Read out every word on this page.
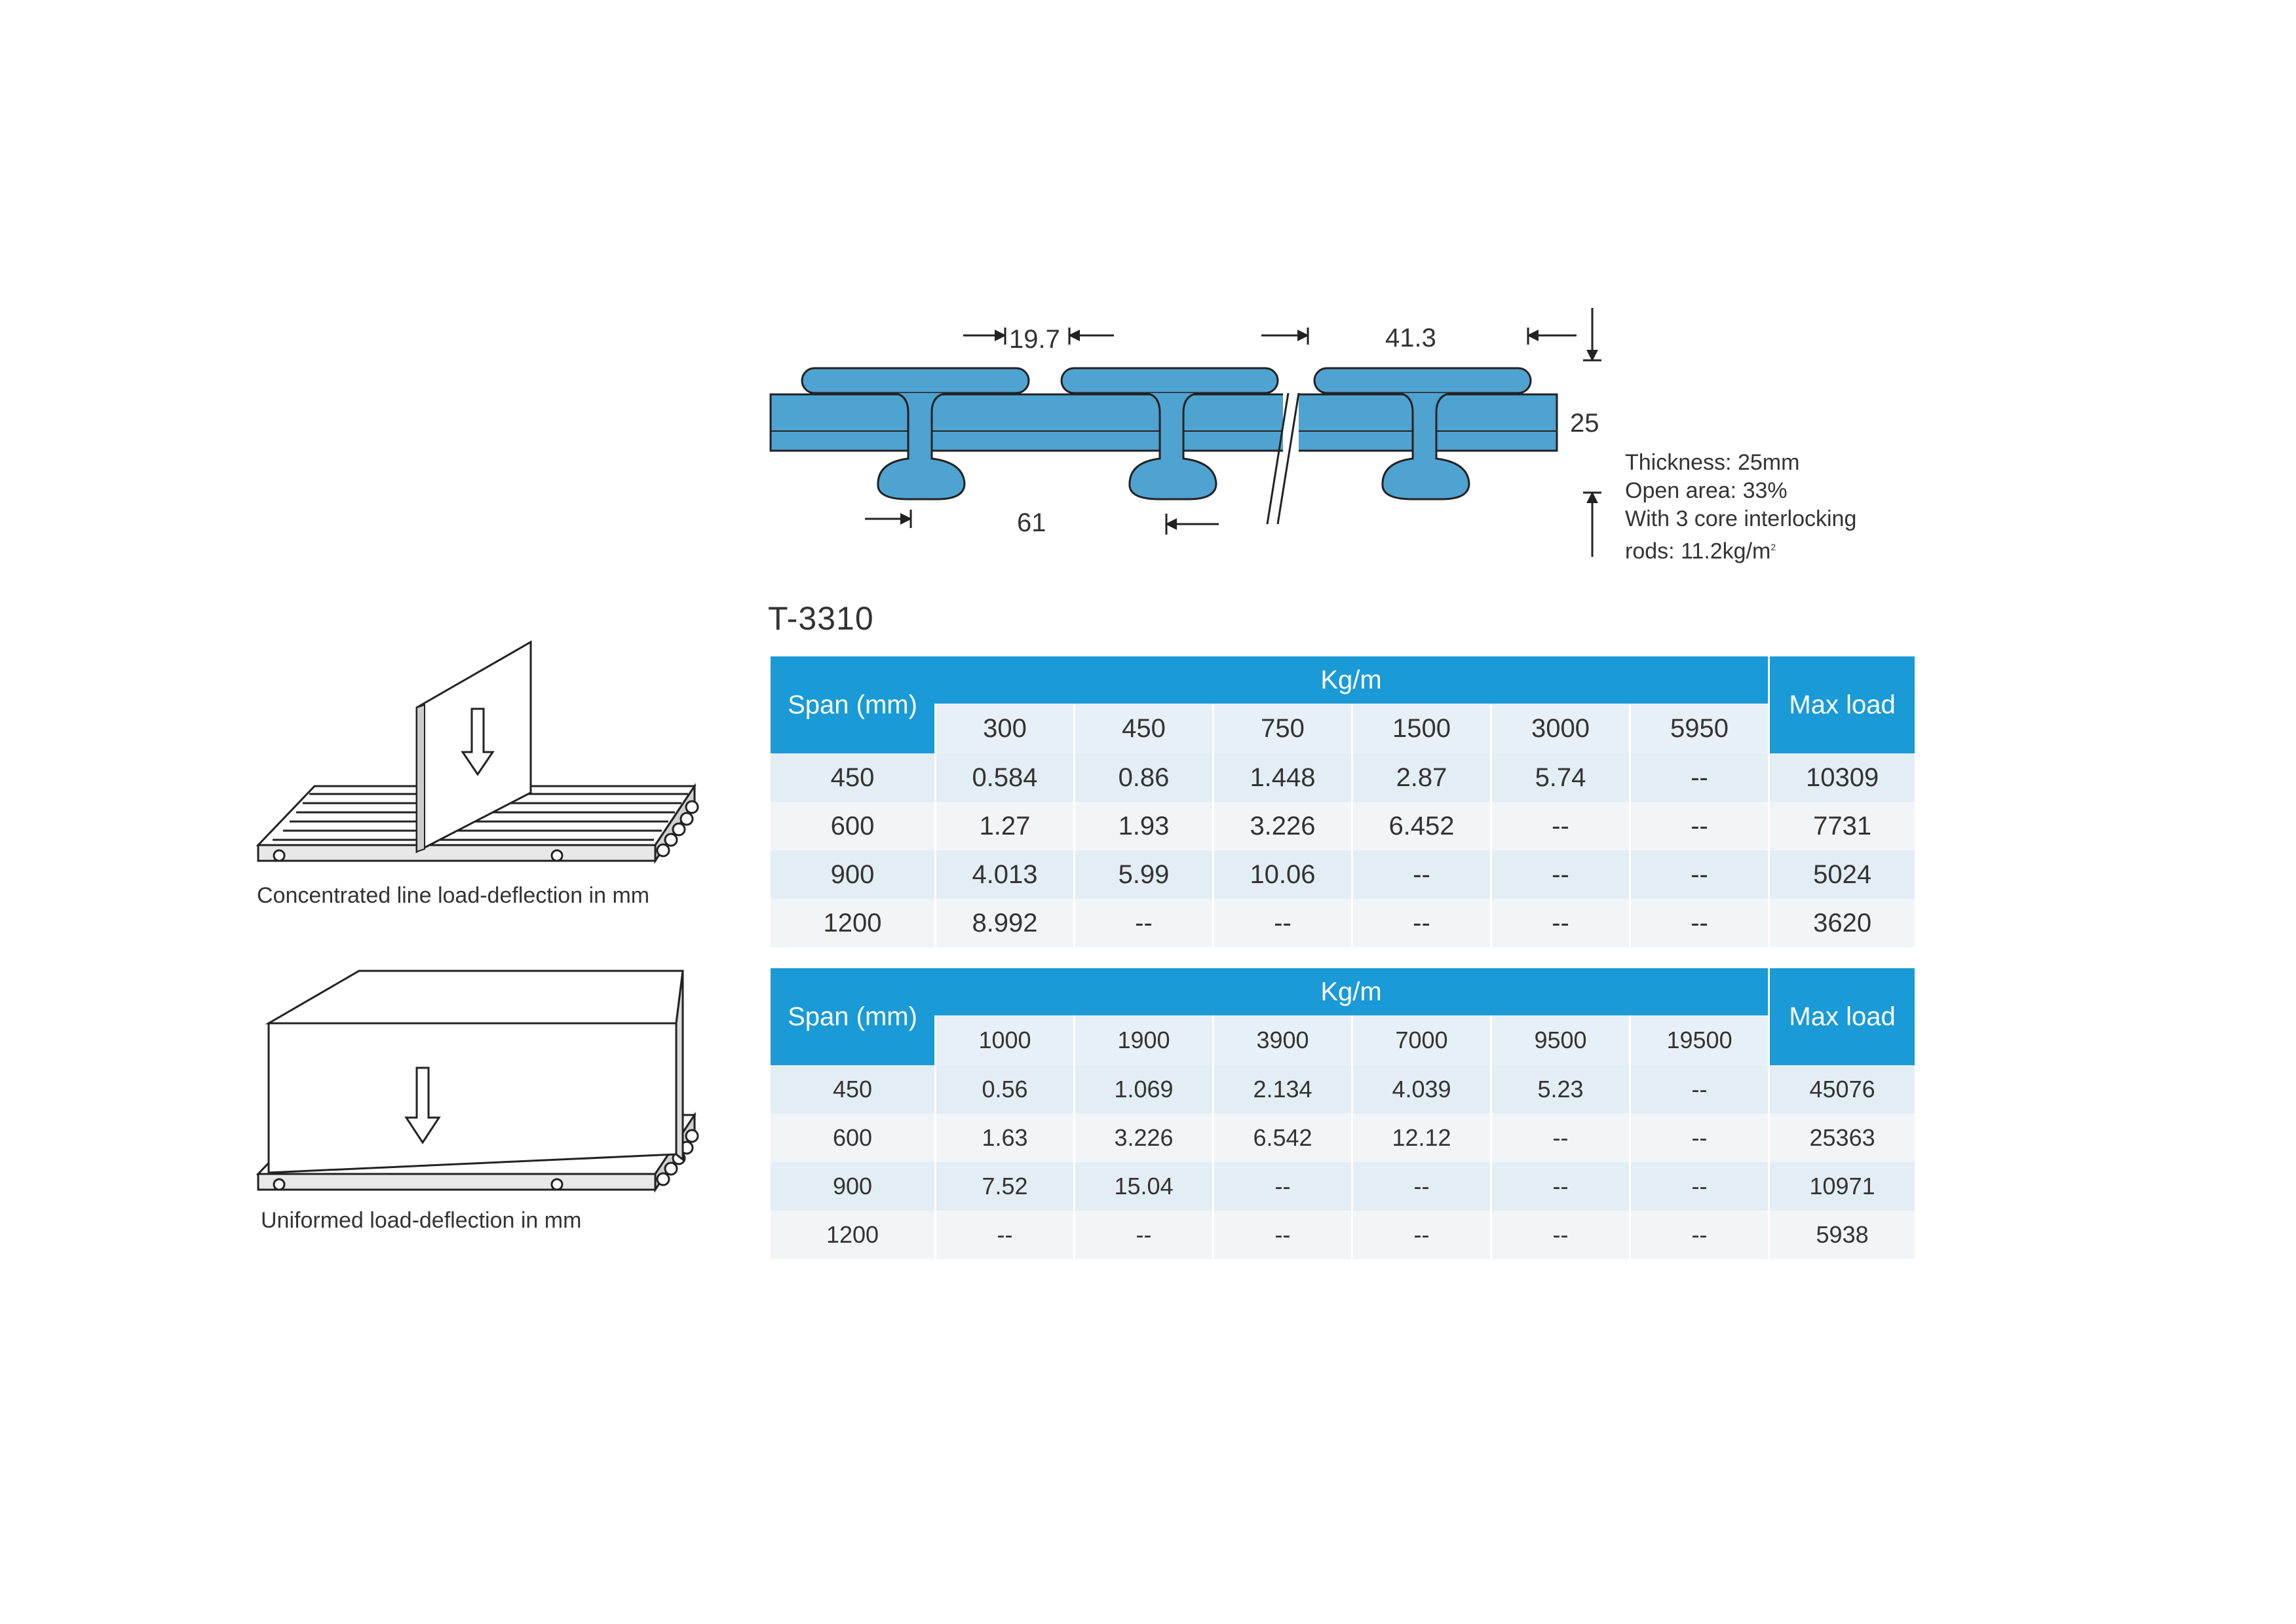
19.7	41.3
25
61
Thickness: 25mm
Open area: 33%
With 3 core interlocking
rods: $11.2kg/m^2$
T-3310
Span (mm)	Kg/m						Max load
	300	450	750	1500	3000	5950	
450	0.584	0.86	1.448	2.87	5.74	--	10309
600	1.27	1.93	3.226	6.452	--	--	7731
900	4.013	5.99	10.06	--	--	--	5024
1200	8.992	--	--	--	--	--	3620
Span (mm)	Kg/m						Max load
	1000	1900	3900	7000	9500	19500	
450	0.56	1.069	2.134	4.039	5.23	--	45076
600	1.63	3.226	6.542	12.12	--	--	25363
900	7.52	15.04	--	--	--	--	10971
1200	--	--	--	--	--	--	5938
Concentrated line load-deflection in mm
Uniformed load-deflection in mm
